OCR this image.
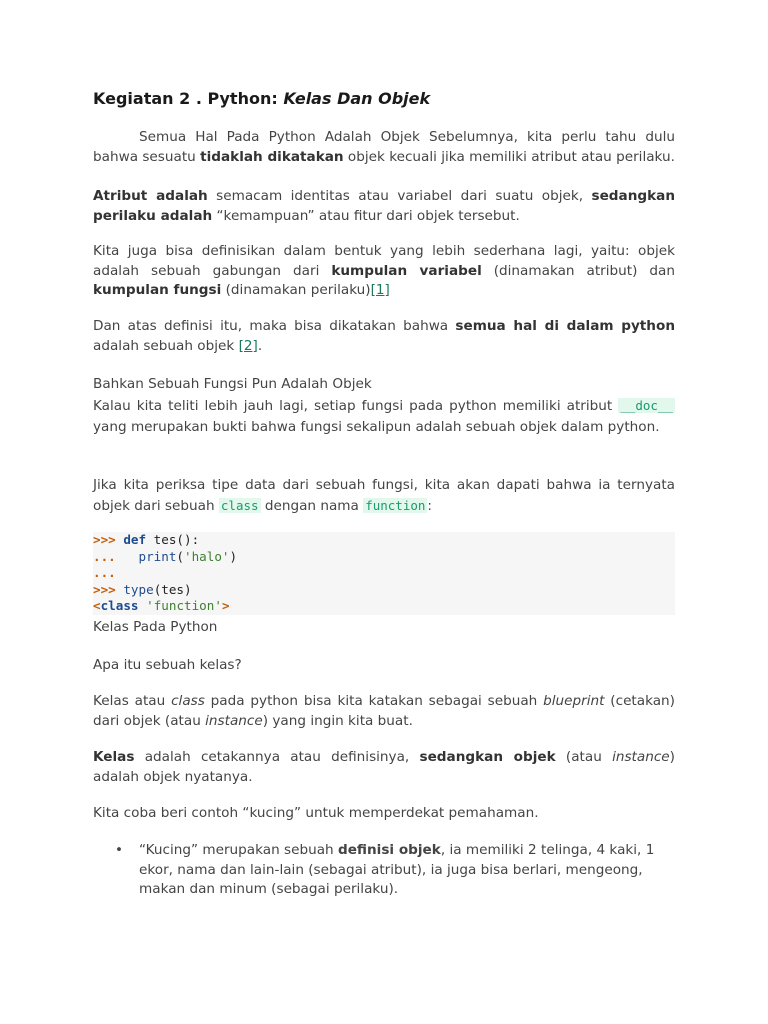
Kegiatan 2 . Python: Kelas Dan Objek
Semua Hal Pada Python Adalah Objek Sebelumnya, kita perlu tahu dulu bahwa sesuatu tidaklah dikatakan objek kecuali jika memiliki atribut atau perilaku.
Atribut adalah semacam identitas atau variabel dari suatu objek, sedangkan perilaku adalah “kemampuan” atau fitur dari objek tersebut.
Kita juga bisa definisikan dalam bentuk yang lebih sederhana lagi, yaitu: objek adalah sebuah gabungan dari kumpulan variabel (dinamakan atribut) dan kumpulan fungsi (dinamakan perilaku)[1]
Dan atas definisi itu, maka bisa dikatakan bahwa semua hal di dalam python adalah sebuah objek [2].
Bahkan Sebuah Fungsi Pun Adalah Objek
Kalau kita teliti lebih jauh lagi, setiap fungsi pada python memiliki atribut __doc__ yang merupakan bukti bahwa fungsi sekalipun adalah sebuah objek dalam python.
Jika kita periksa tipe data dari sebuah fungsi, kita akan dapati bahwa ia ternyata objek dari sebuah class dengan nama function :
>>> def tes():
... print('halo')
...
>>> type(tes)
<class 'function'>
Kelas Pada Python
Apa itu sebuah kelas?
Kelas atau class pada python bisa kita katakan sebagai sebuah blueprint (cetakan) dari objek (atau instance) yang ingin kita buat.
Kelas adalah cetakannya atau definisinya, sedangkan objek (atau instance) adalah objek nyatanya.
Kita coba beri contoh “kucing” untuk memperdekat pemahaman.
• “Kucing” merupakan sebuah definisi objek, ia memiliki 2 telinga, 4 kaki, 1 ekor, nama dan lain-lain (sebagai atribut), ia juga bisa berlari, mengeong, makan dan minum (sebagai perilaku).
